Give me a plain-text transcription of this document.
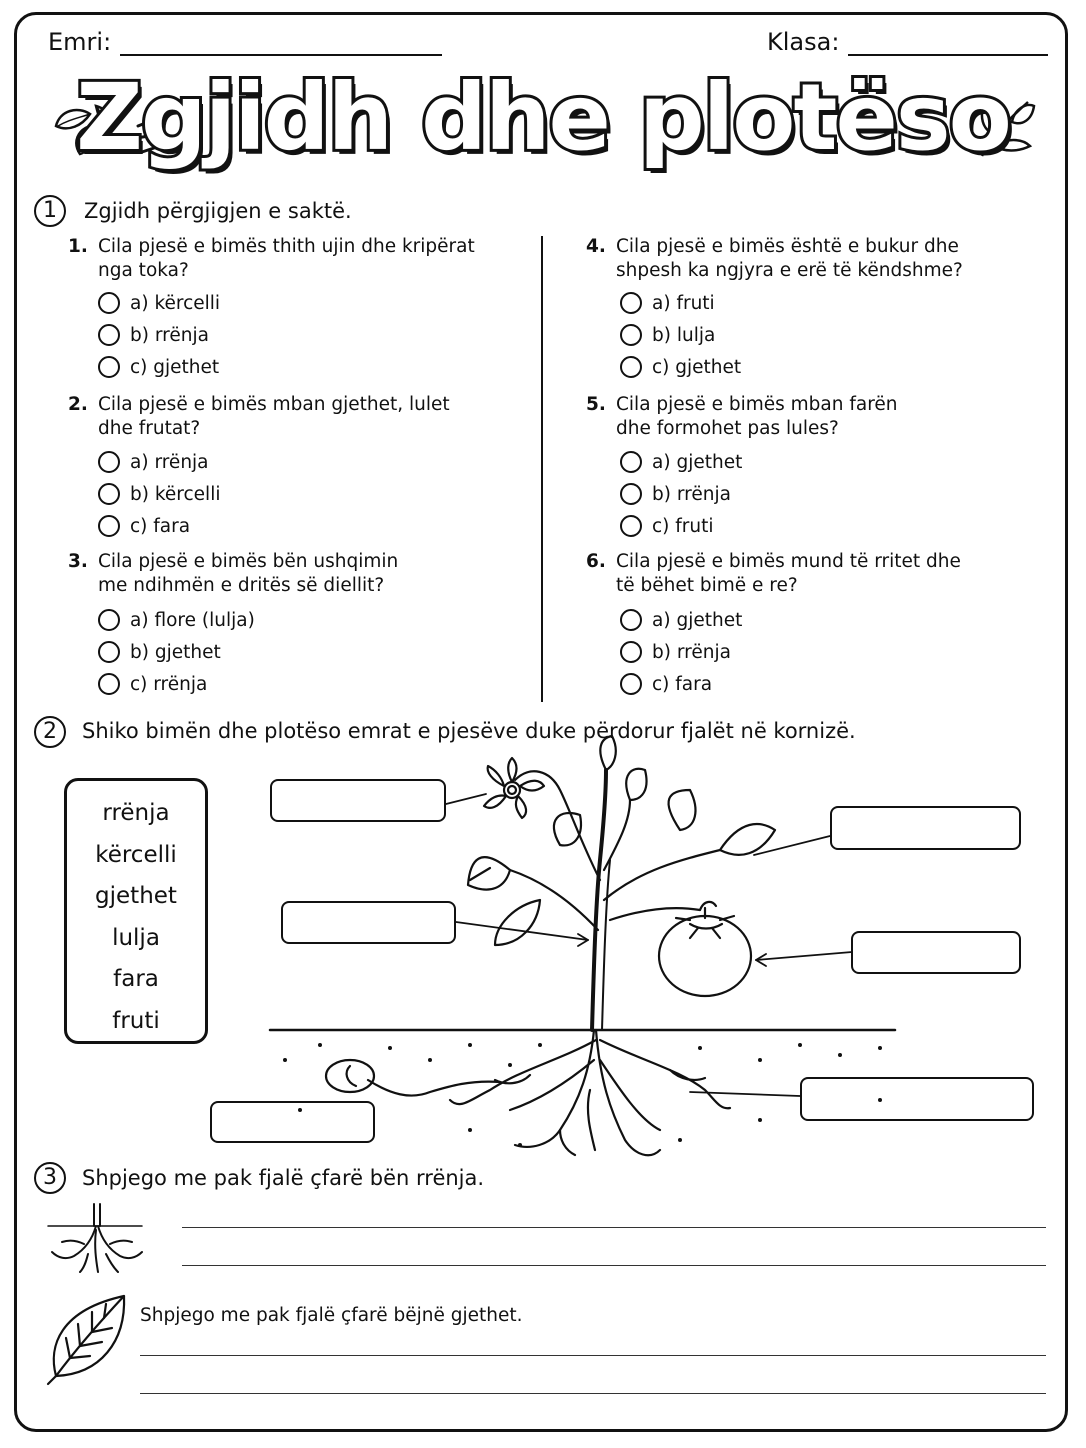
Emri:	Klasa:
Zgjidh dhe plotëso
1	Zgjidh përgjigjen e saktë.
1. Cila pjesë e bimës thith ujin dhe kripërat
nga toka?
a) kërcelli
b) rrënja
c) gjethet
2. Cila pjesë e bimës mban gjethet, lulet
dhe frutat?
a) rrënja
b) kërcelli
c) fara
3. Cila pjesë e bimës bën ushqimin
me ndihmën e dritës së diellit?
a) flore (lulja)
b) gjethet
c) rrënja
4. Cila pjesë e bimës është e bukur dhe
shpesh ka ngjyra e erë të këndshme?
a) fruti
b) lulja
c) gjethet
5. Cila pjesë e bimës mban farën
dhe formohet pas lules?
a) gjethet
b) rrënja
c) fruti
6. Cila pjesë e bimës mund të rritet dhe
të bëhet bimë e re?
a) gjethet
b) rrënja
c) fara
2	Shiko bimën dhe plotëso emrat e pjesëve duke përdorur fjalët në kornizë.
rrënja
kërcelli
gjethet
lulja
fara
fruti
3	Shpjego me pak fjalë çfarë bën rrënja.
Shpjego me pak fjalë çfarë bëjnë gjethet.
